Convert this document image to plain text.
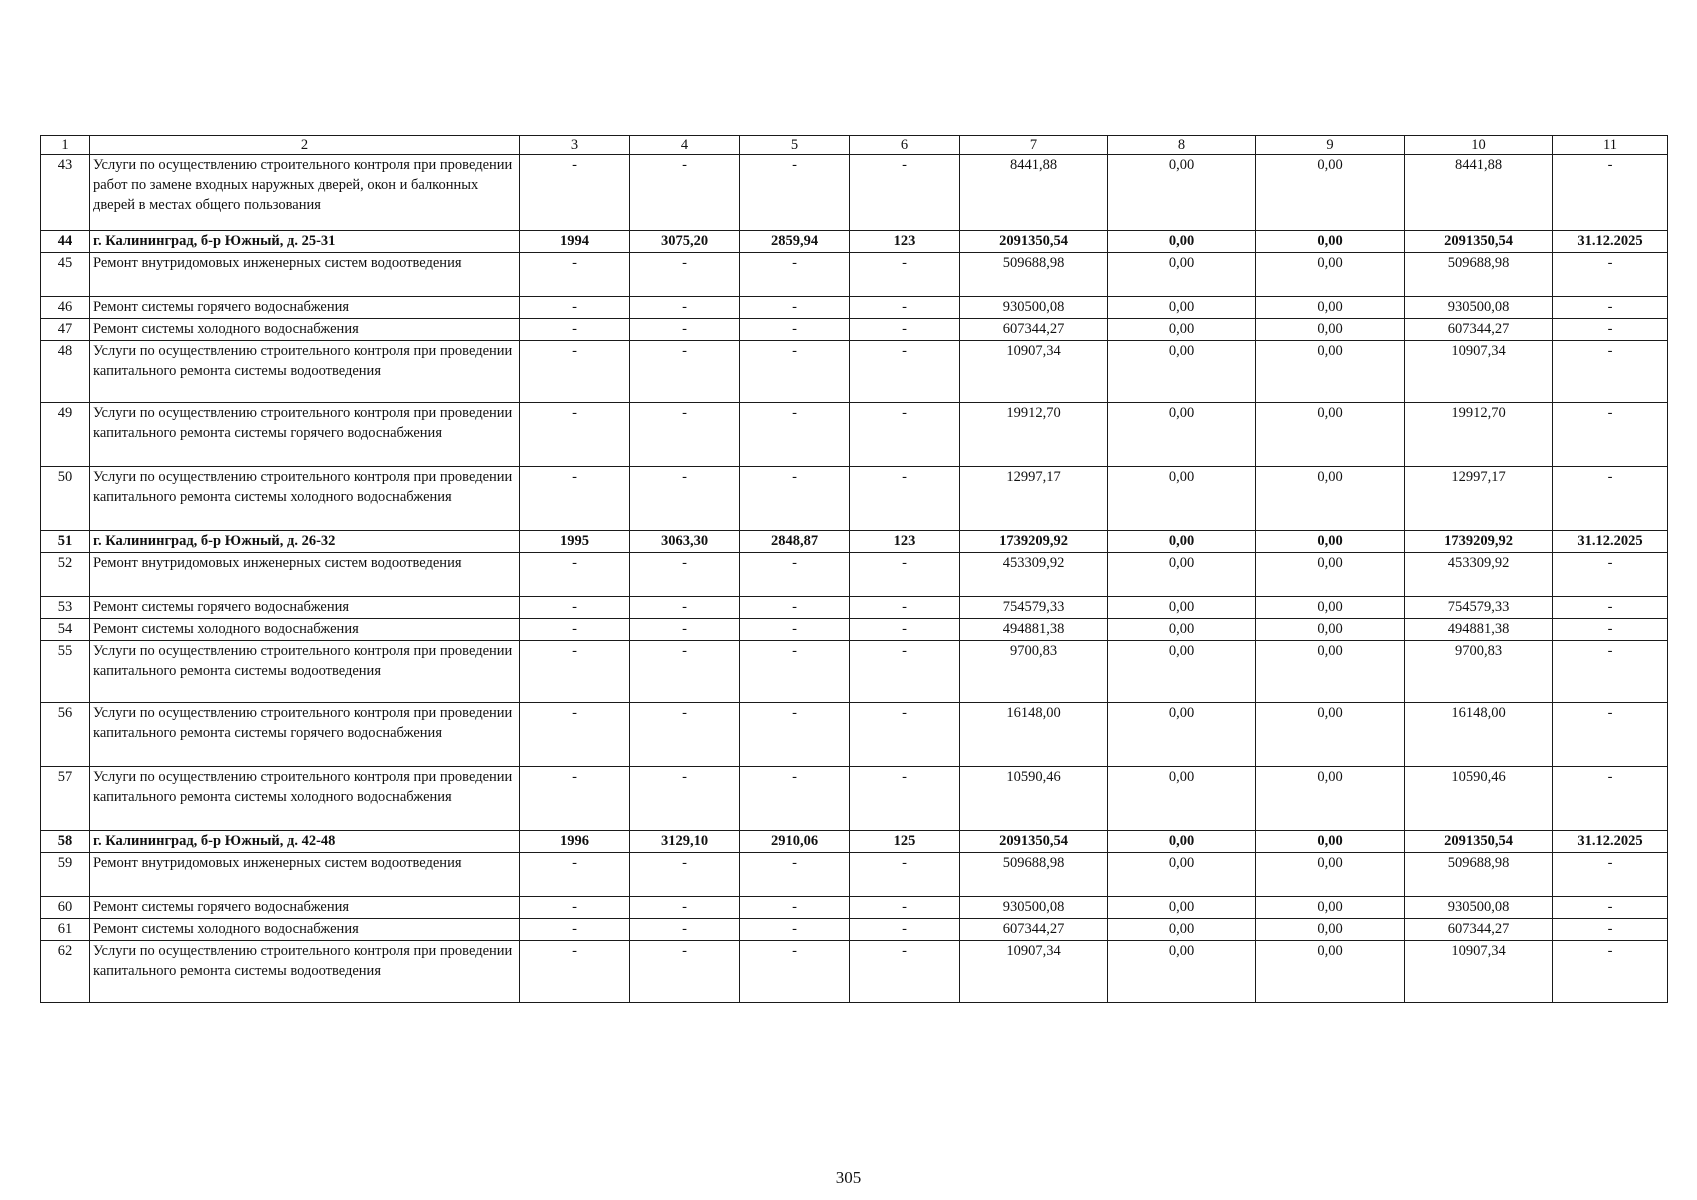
1	2	3	4	5	6	7	8	9	10	11
43	Услуги по осуществлению строительного контроля при проведении работ по замене входных наружных дверей, окон и балконных дверей в местах общего пользования	-	-	-	-	8441,88	0,00	0,00	8441,88	-
44	г. Калининград, б-р Южный, д. 25-31	1994	3075,20	2859,94	123	2091350,54	0,00	0,00	2091350,54	31.12.2025
45	Ремонт внутридомовых инженерных систем водоотведения	-	-	-	-	509688,98	0,00	0,00	509688,98	-
46	Ремонт системы горячего водоснабжения	-	-	-	-	930500,08	0,00	0,00	930500,08	-
47	Ремонт системы холодного водоснабжения	-	-	-	-	607344,27	0,00	0,00	607344,27	-
48	Услуги по осуществлению строительного контроля при проведении капитального ремонта системы водоотведения	-	-	-	-	10907,34	0,00	0,00	10907,34	-
49	Услуги по осуществлению строительного контроля при проведении капитального ремонта системы горячего водоснабжения	-	-	-	-	19912,70	0,00	0,00	19912,70	-
50	Услуги по осуществлению строительного контроля при проведении капитального ремонта системы холодного водоснабжения	-	-	-	-	12997,17	0,00	0,00	12997,17	-
51	г. Калининград, б-р Южный, д. 26-32	1995	3063,30	2848,87	123	1739209,92	0,00	0,00	1739209,92	31.12.2025
52	Ремонт внутридомовых инженерных систем водоотведения	-	-	-	-	453309,92	0,00	0,00	453309,92	-
53	Ремонт системы горячего водоснабжения	-	-	-	-	754579,33	0,00	0,00	754579,33	-
54	Ремонт системы холодного водоснабжения	-	-	-	-	494881,38	0,00	0,00	494881,38	-
55	Услуги по осуществлению строительного контроля при проведении капитального ремонта системы водоотведения	-	-	-	-	9700,83	0,00	0,00	9700,83	-
56	Услуги по осуществлению строительного контроля при проведении капитального ремонта системы горячего водоснабжения	-	-	-	-	16148,00	0,00	0,00	16148,00	-
57	Услуги по осуществлению строительного контроля при проведении капитального ремонта системы холодного водоснабжения	-	-	-	-	10590,46	0,00	0,00	10590,46	-
58	г. Калининград, б-р Южный, д. 42-48	1996	3129,10	2910,06	125	2091350,54	0,00	0,00	2091350,54	31.12.2025
59	Ремонт внутридомовых инженерных систем водоотведения	-	-	-	-	509688,98	0,00	0,00	509688,98	-
60	Ремонт системы горячего водоснабжения	-	-	-	-	930500,08	0,00	0,00	930500,08	-
61	Ремонт системы холодного водоснабжения	-	-	-	-	607344,27	0,00	0,00	607344,27	-
62	Услуги по осуществлению строительного контроля при проведении капитального ремонта системы водоотведения	-	-	-	-	10907,34	0,00	0,00	10907,34	-
305
